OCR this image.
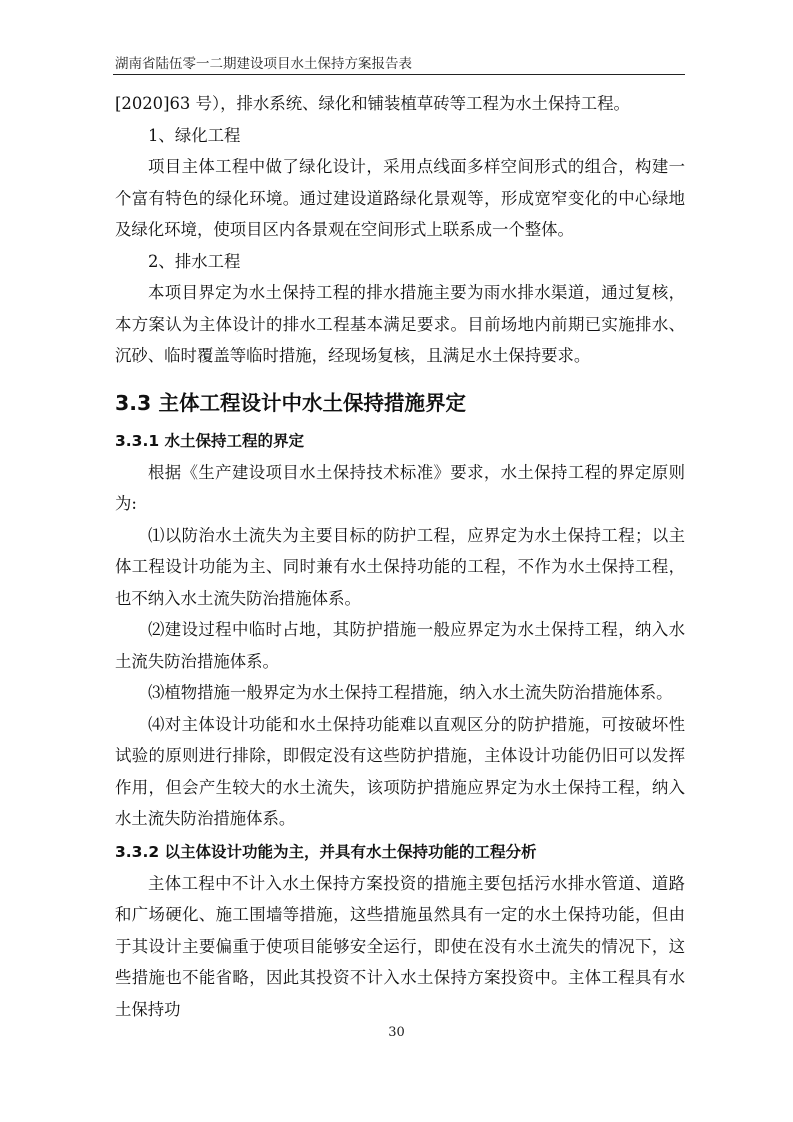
湖南省陆伍零一二期建设项目水土保持方案报告表

[2020]63 号），排水系统、绿化和铺装植草砖等工程为水土保持工程。

1、绿化工程

项目主体工程中做了绿化设计，采用点线面多样空间形式的组合，构建一个富有特色的绿化环境。通过建设道路绿化景观等，形成宽窄变化的中心绿地及绿化环境，使项目区内各景观在空间形式上联系成一个整体。

2、排水工程

本项目界定为水土保持工程的排水措施主要为雨水排水渠道，通过复核，本方案认为主体设计的排水工程基本满足要求。目前场地内前期已实施排水、沉砂、临时覆盖等临时措施，经现场复核，且满足水土保持要求。

3.3 主体工程设计中水土保持措施界定
3.3.1 水土保持工程的界定

根据《生产建设项目水土保持技术标准》要求，水土保持工程的界定原则为:

⑴以防治水土流失为主要目标的防护工程，应界定为水土保持工程；以主体工程设计功能为主、同时兼有水土保持功能的工程，不作为水土保持工程，也不纳入水土流失防治措施体系。

⑵建设过程中临时占地，其防护措施一般应界定为水土保持工程，纳入水土流失防治措施体系。

⑶植物措施一般界定为水土保持工程措施，纳入水土流失防治措施体系。

⑷对主体设计功能和水土保持功能难以直观区分的防护措施，可按破坏性试验的原则进行排除，即假定没有这些防护措施，主体设计功能仍旧可以发挥作用，但会产生较大的水土流失，该项防护措施应界定为水土保持工程，纳入水土流失防治措施体系。

3.3.2 以主体设计功能为主，并具有水土保持功能的工程分析

主体工程中不计入水土保持方案投资的措施主要包括污水排水管道、道路和广场硬化、施工围墙等措施，这些措施虽然具有一定的水土保持功能，但由于其设计主要偏重于使项目能够安全运行，即使在没有水土流失的情况下，这些措施也不能省略，因此其投资不计入水土保持方案投资中。主体工程具有水土保持功

30
